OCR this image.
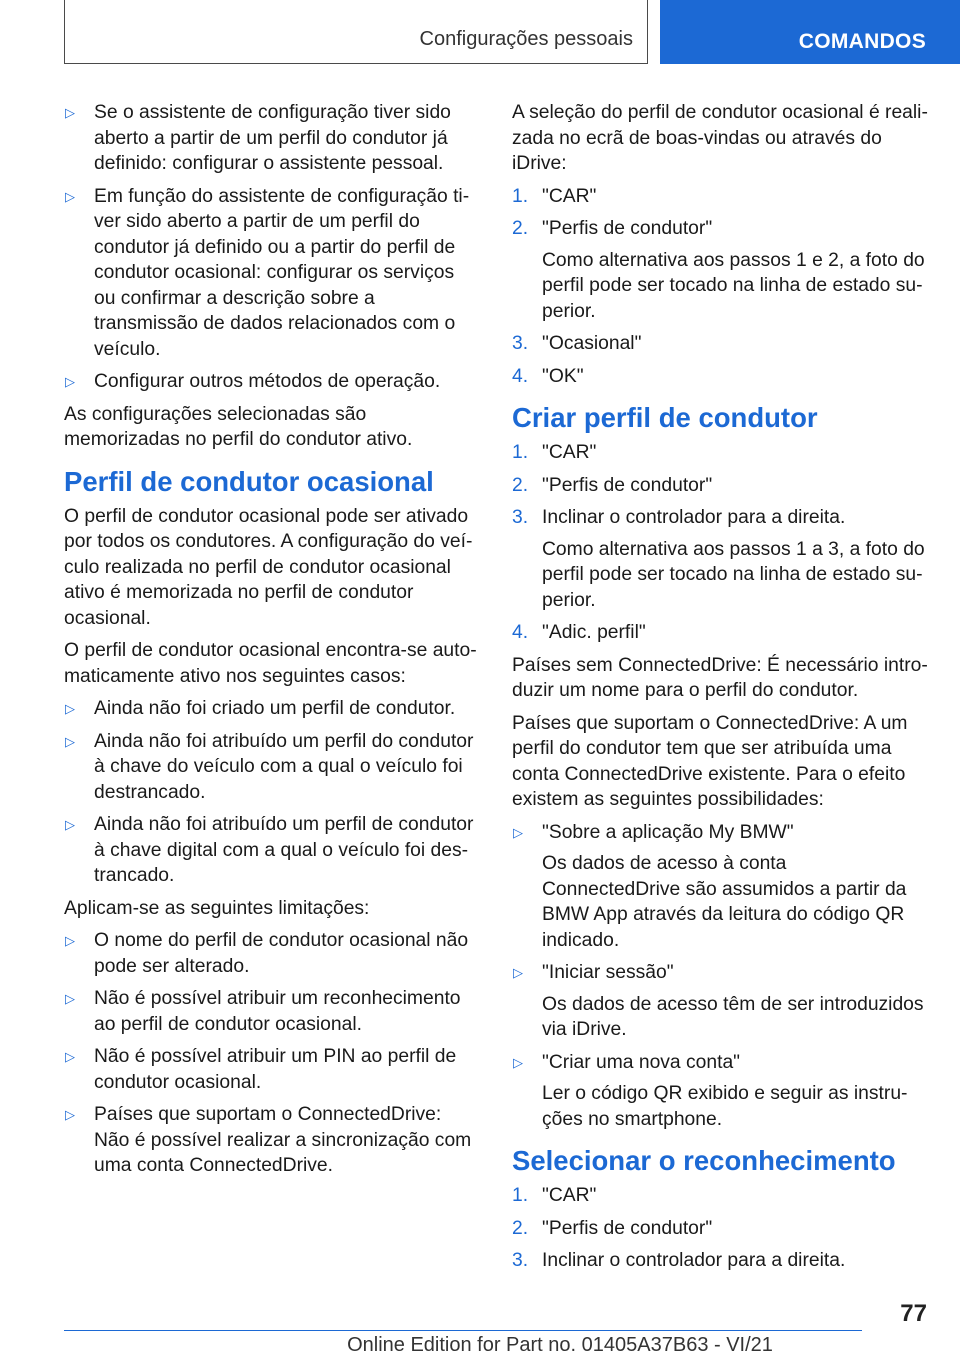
Configurações pessoais	COMANDOS
▷ Se o assistente de configuração tiver sido aberto a partir de um perfil do condutor já definido: configurar o assistente pessoal.
▷ Em função do assistente de configuração tiver sido aberto a partir de um perfil do condutor já definido ou a partir do perfil de condutor ocasional: configurar os serviços ou confirmar a descrição sobre a transmissão de dados relacionados com o veículo.
▷ Configurar outros métodos de operação.

As configurações selecionadas são memorizadas no perfil do condutor ativo.

Perfil de condutor ocasional

O perfil de condutor ocasional pode ser ativado por todos os condutores. A configuração do veículo realizada no perfil de condutor ocasional ativo é memorizada no perfil de condutor ocasional.

O perfil de condutor ocasional encontra-se automaticamente ativo nos seguintes casos:

▷ Ainda não foi criado um perfil de condutor.
▷ Ainda não foi atribuído um perfil do condutor à chave do veículo com a qual o veículo foi destrancado.
▷ Ainda não foi atribuído um perfil de condutor à chave digital com a qual o veículo foi destrancado.

Aplicam-se as seguintes limitações:

▷ O nome do perfil de condutor ocasional não pode ser alterado.
▷ Não é possível atribuir um reconhecimento ao perfil de condutor ocasional.
▷ Não é possível atribuir um PIN ao perfil de condutor ocasional.
▷ Países que suportam o ConnectedDrive: Não é possível realizar a sincronização com uma conta ConnectedDrive.

A seleção do perfil de condutor ocasional é realizada no ecrã de boas-vindas ou através do iDrive:

1. "CAR"
2. "Perfis de condutor"
Como alternativa aos passos 1 e 2, a foto do perfil pode ser tocado na linha de estado superior.
3. "Ocasional"
4. "OK"
Criar perfil de condutor
1. "CAR"
2. "Perfis de condutor"
3. Inclinar o controlador para a direita.
Como alternativa aos passos 1 a 3, a foto do perfil pode ser tocado na linha de estado superior.
4. "Adic. perfil"

Países sem ConnectedDrive: É necessário introduzir um nome para o perfil do condutor.

Países que suportam o ConnectedDrive: A um perfil do condutor tem que ser atribuída uma conta ConnectedDrive existente. Para o efeito existem as seguintes possibilidades:

▷ "Sobre a aplicação My BMW"
Os dados de acesso à conta ConnectedDrive são assumidos a partir da BMW App através da leitura do código QR indicado.
▷ "Iniciar sessão"
Os dados de acesso têm de ser introduzidos via iDrive.
▷ "Criar uma nova conta"
Ler o código QR exibido e seguir as instruções no smartphone.
Selecionar o reconhecimento
1. "CAR"
2. "Perfis de condutor"
3. Inclinar o controlador para a direita.
77
Online Edition for Part no. 01405A37B63 - VI/21
